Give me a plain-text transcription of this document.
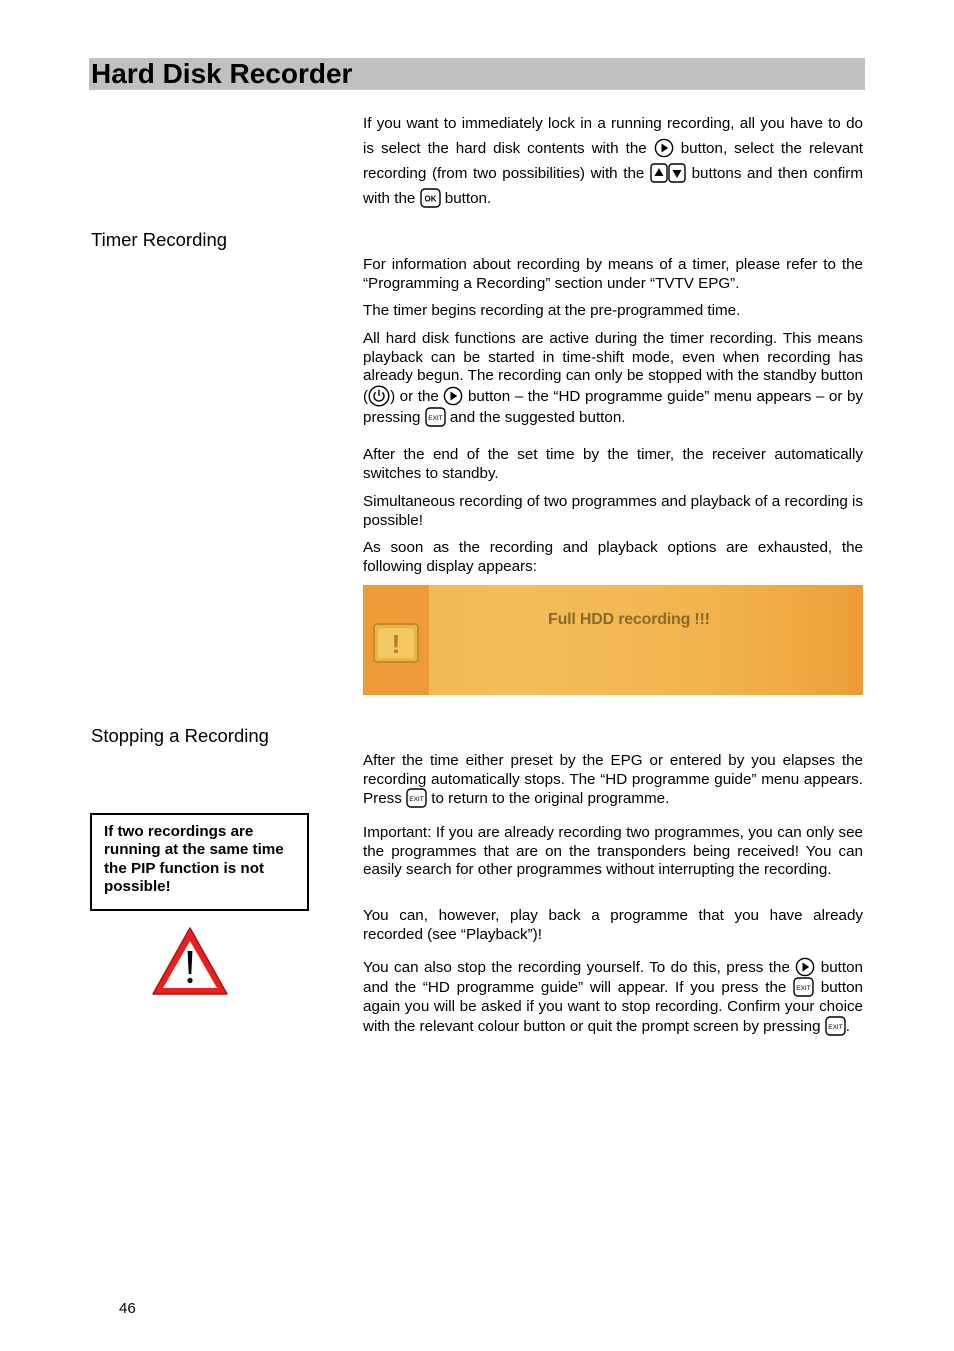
Hard Disk Recorder
If you want to immediately lock in a running recording, all you have to do is select the hard disk contents with the
button, select the relevant recording (from two possibilities) with the
buttons and then confirm with the OK button.
Timer Recording
For information about recording by means of a timer, please refer to the “Programming a Recording” section under “TVTV EPG”.
The timer begins recording at the pre-programmed time.
All hard disk functions are active during the timer recording. This means playback can be started in time-shift mode, even when recording has already begun. The recording can only be stopped with the standby button ( ) or the
button – the “HD programme guide” menu appears – or by pressing EXIT and the suggested button.
After the end of the set time by the timer, the receiver automatically switches to standby.
Simultaneous recording of two programmes and playback of a recording is possible!
As soon as the recording and playback options are exhausted, the following display appears:
!
Full HDD recording !!!
Stopping a Recording
After the time either preset by the EPG or entered by you elapses the recording automatically stops. The “HD programme guide” menu appears. Press EXIT to return to the original programme.
Important: If you are already recording two programmes, you can only see the programmes that are on the transponders being received! You can easily search for other programmes without interrupting the recording.
You can, however, play back a programme that you have already recorded (see “Playback”)!
You can also stop the recording yourself. To do this, press the
button and the “HD programme guide” will appear. If you press the EXIT button again you will be asked if you want to stop recording. Confirm your choice with the relevant colour button or quit the prompt screen by pressing EXIT .
If two recordings are running at the same time the PIP function is not possible!
46
